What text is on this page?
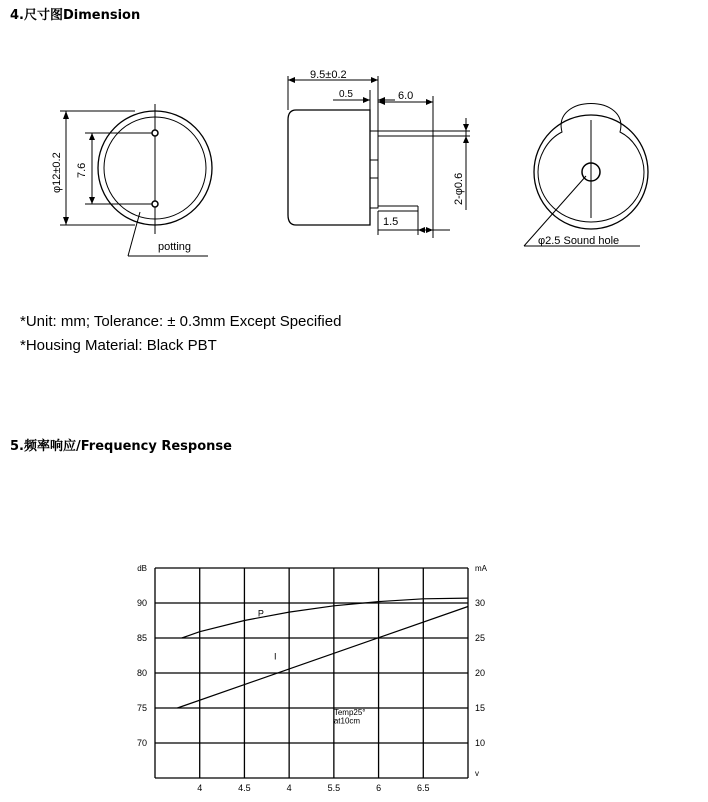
4.尺寸图Dimension
φ12±0.2 7.6
potting
9.5±0.2
0.5	6.0
2-φ0.6
1.5
φ2.5 Sound hole
*Unit: mm; Tolerance: ± 0.3mm Except Specified
*Housing Material: Black PBT
5.频率响应/Frequency Response
90
85
80
75
70
30
25
20
15
10
4	4.5	4	5.5	6	6.5
dB	mA
v
P
I
Temp25°
at10cm
